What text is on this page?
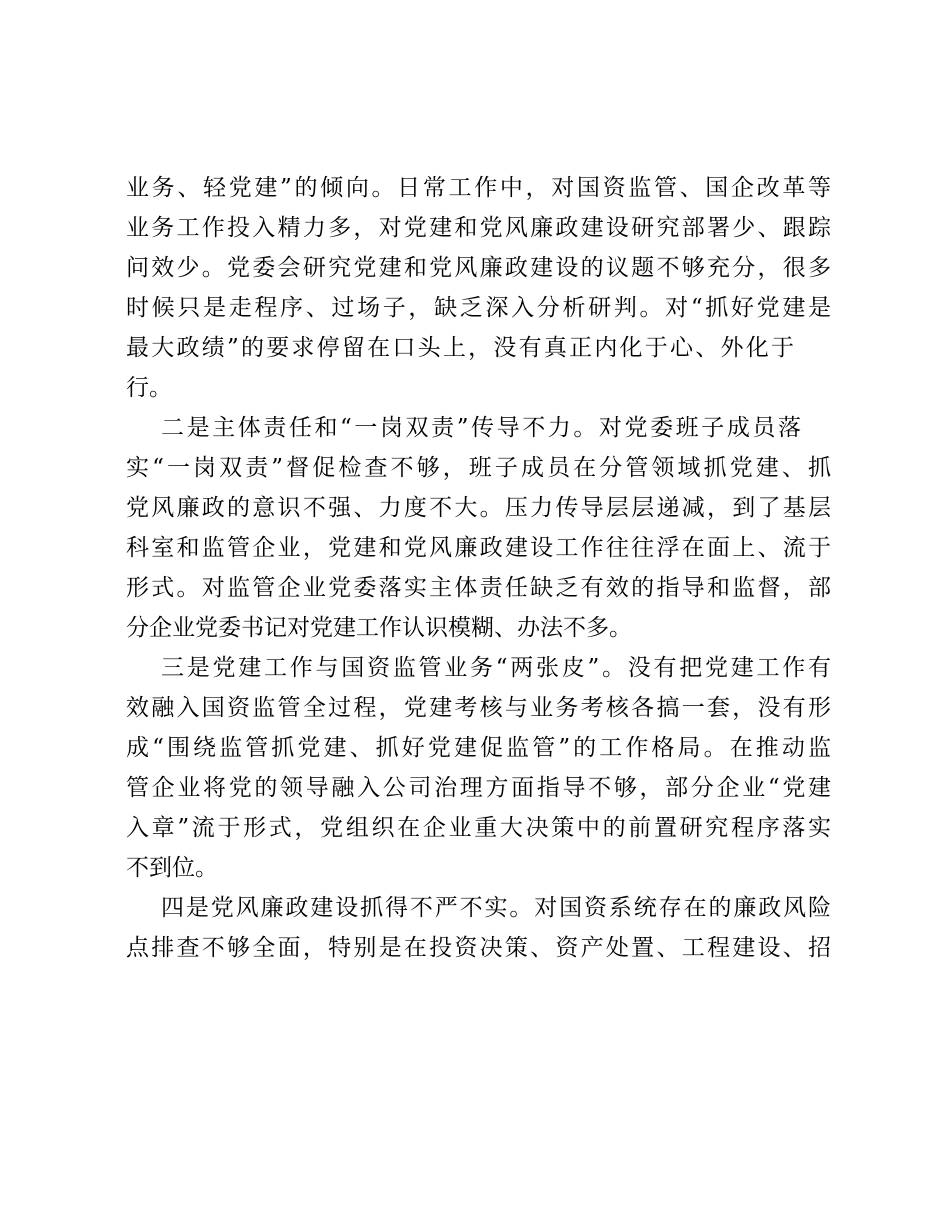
业务、轻党建”的倾向。日常工作中，对国资监管、国企改革等
业务工作投入精力多，对党建和党风廉政建设研究部署少、跟踪
问效少。党委会研究党建和党风廉政建设的议题不够充分，很多
时候只是走程序、过场子，缺乏深入分析研判。对“抓好党建是
最大政绩”的要求停留在口头上，没有真正内化于心、外化于
行。
二是主体责任和“一岗双责”传导不力。对党委班子成员落
实“一岗双责”督促检查不够，班子成员在分管领域抓党建、抓
党风廉政的意识不强、力度不大。压力传导层层递减，到了基层
科室和监管企业，党建和党风廉政建设工作往往浮在面上、流于
形式。对监管企业党委落实主体责任缺乏有效的指导和监督，部
分企业党委书记对党建工作认识模糊、办法不多。
三是党建工作与国资监管业务“两张皮”。没有把党建工作有
效融入国资监管全过程，党建考核与业务考核各搞一套，没有形
成“围绕监管抓党建、抓好党建促监管”的工作格局。在推动监
管企业将党的领导融入公司治理方面指导不够，部分企业“党建
入章”流于形式，党组织在企业重大决策中的前置研究程序落实
不到位。
四是党风廉政建设抓得不严不实。对国资系统存在的廉政风险
点排查不够全面，特别是在投资决策、资产处置、工程建设、招
